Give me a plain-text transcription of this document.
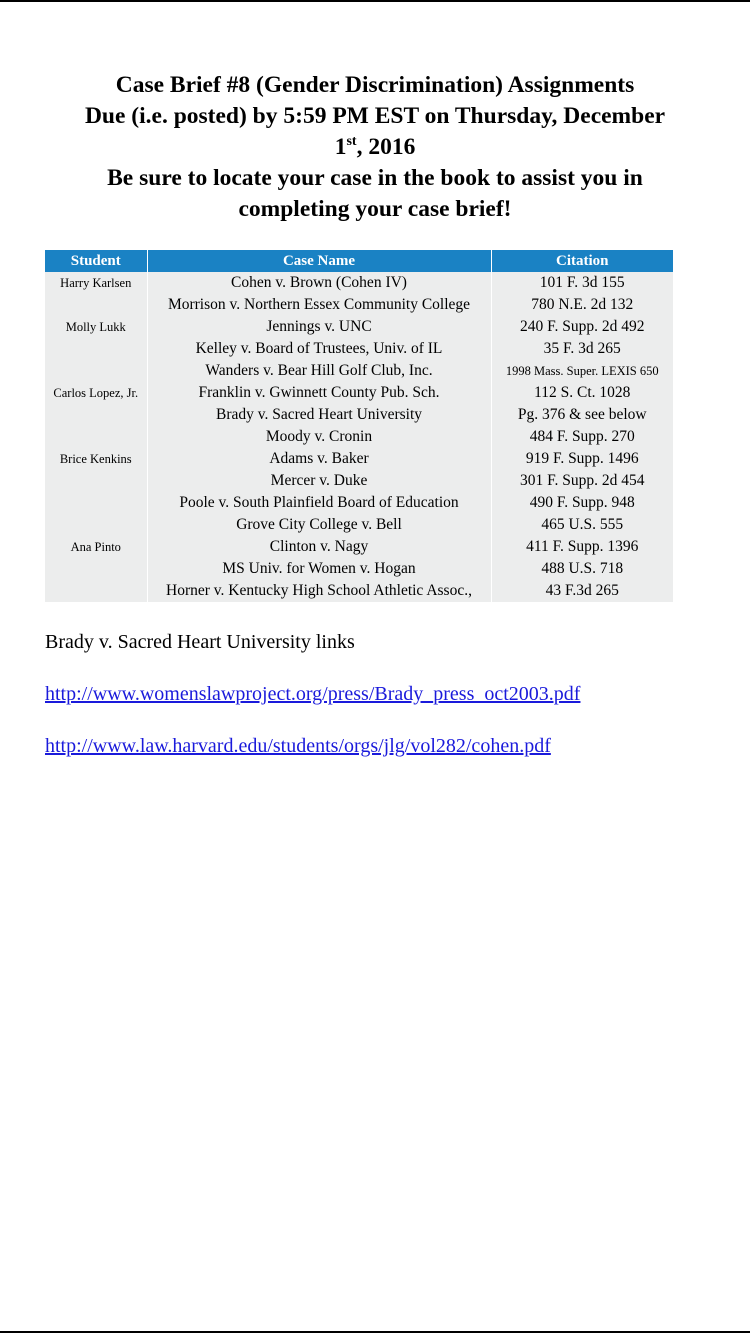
Case Brief #8 (Gender Discrimination) Assignments
Due (i.e. posted) by 5:59 PM EST on Thursday, December
1st, 2016
Be sure to locate your case in the book to assist you in
completing your case brief!
Student	Case Name	Citation
Harry Karlsen	Cohen v. Brown (Cohen IV)	101 F. 3d 155
	Morrison v. Northern Essex Community College	780 N.E. 2d 132
Molly Lukk	Jennings v. UNC	240 F. Supp. 2d 492
	Kelley v. Board of Trustees, Univ. of IL	35 F. 3d 265
	Wanders v. Bear Hill Golf Club, Inc.	1998 Mass. Super. LEXIS 650
Carlos Lopez, Jr.	Franklin v. Gwinnett County Pub. Sch.	112 S. Ct. 1028
	Brady v. Sacred Heart University	Pg. 376 & see below
	Moody v. Cronin	484 F. Supp. 270
Brice Kenkins	Adams v. Baker	919 F. Supp. 1496
	Mercer v. Duke	301 F. Supp. 2d 454
	Poole v. South Plainfield Board of Education	490 F. Supp. 948
	Grove City College v. Bell	465 U.S. 555
Ana Pinto	Clinton v. Nagy	411 F. Supp. 1396
	MS Univ. for Women v. Hogan	488 U.S. 718
	Horner v. Kentucky High School Athletic Assoc.,	43 F.3d 265
Brady v. Sacred Heart University links
http://www.womenslawproject.org/press/Brady_press_oct2003.pdf
http://www.law.harvard.edu/students/orgs/jlg/vol282/cohen.pdf
